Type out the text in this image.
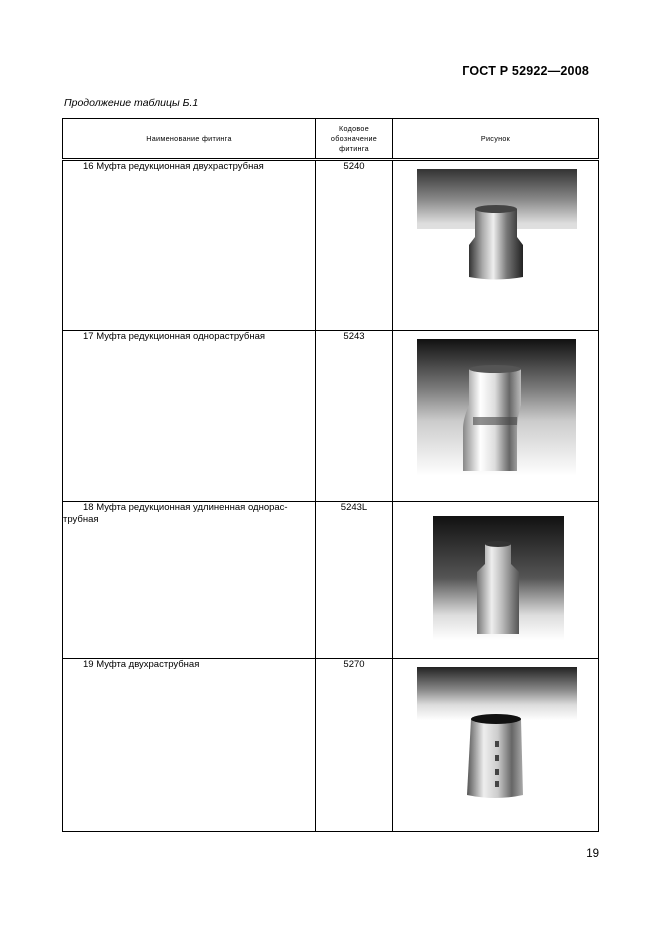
ГОСТ Р 52922—2008
Продолжение таблицы Б.1
Наименование фитинга	Кодовое обозначение фитинга	Рисунок
16 Муфта редукционная двухраструбная	5240	

17 Муфта редукционная однораструбная	5243	

18 Муфта редукционная удлиненная однорас-трубная	5243L	

19 Муфта двухраструбная	5270	
19
